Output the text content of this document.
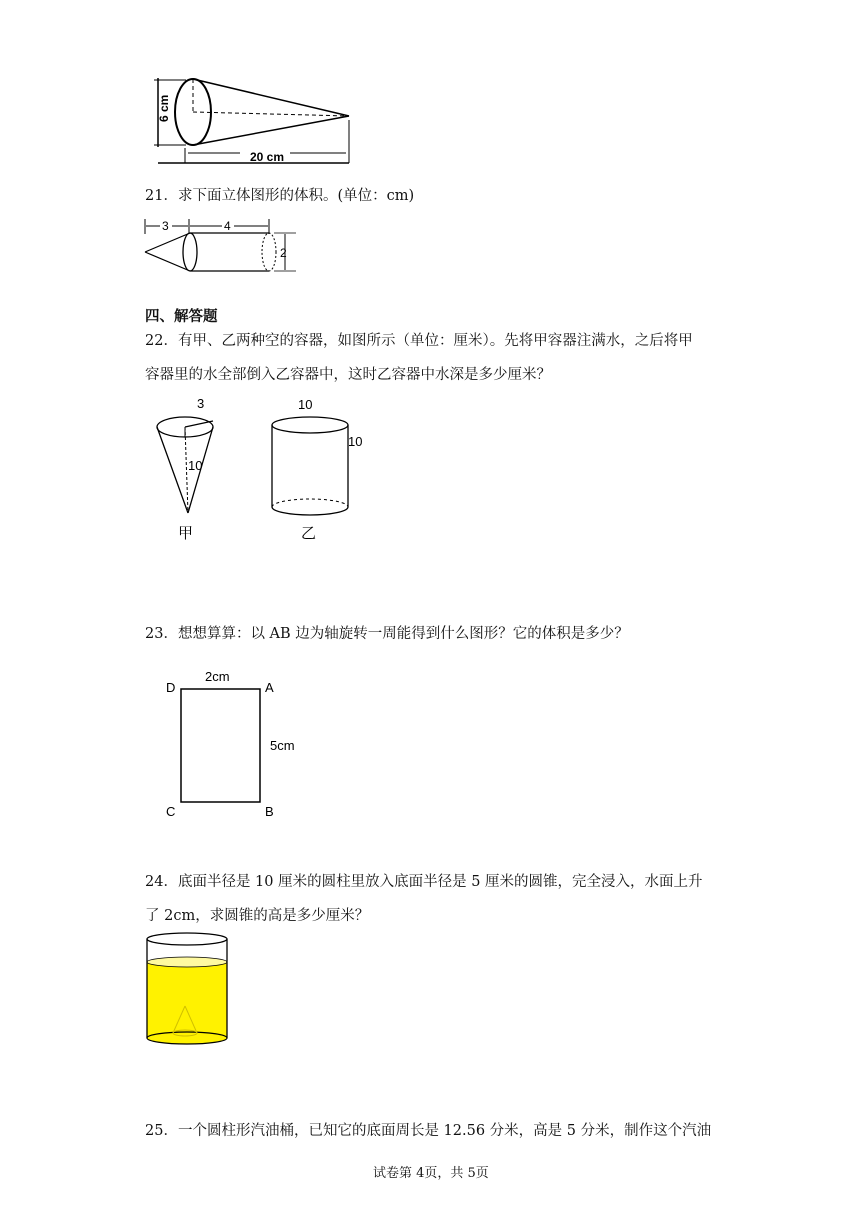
6 cm
20 cm
21．求下面立体图形的体积。(单位：cm)
3	4
2
四、解答题
22．有甲、乙两种空的容器，如图所示（单位：厘米）。先将甲容器注满水，之后将甲
容器里的水全部倒入乙容器中，这时乙容器中水深是多少厘米？
3
10
甲
10
10
乙
23．想想算算：以 AB 边为轴旋转一周能得到什么图形？它的体积是多少？
D	A
C	B
2cm
5cm
24．底面半径是 10 厘米的圆柱里放入底面半径是 5 厘米的圆锥，完全浸入，水面上升
了 2cm，求圆锥的高是多少厘米？
25．一个圆柱形汽油桶，已知它的底面周长是 12.56 分米，高是 5 分米，制作这个汽油
试卷第 4页，共 5页
